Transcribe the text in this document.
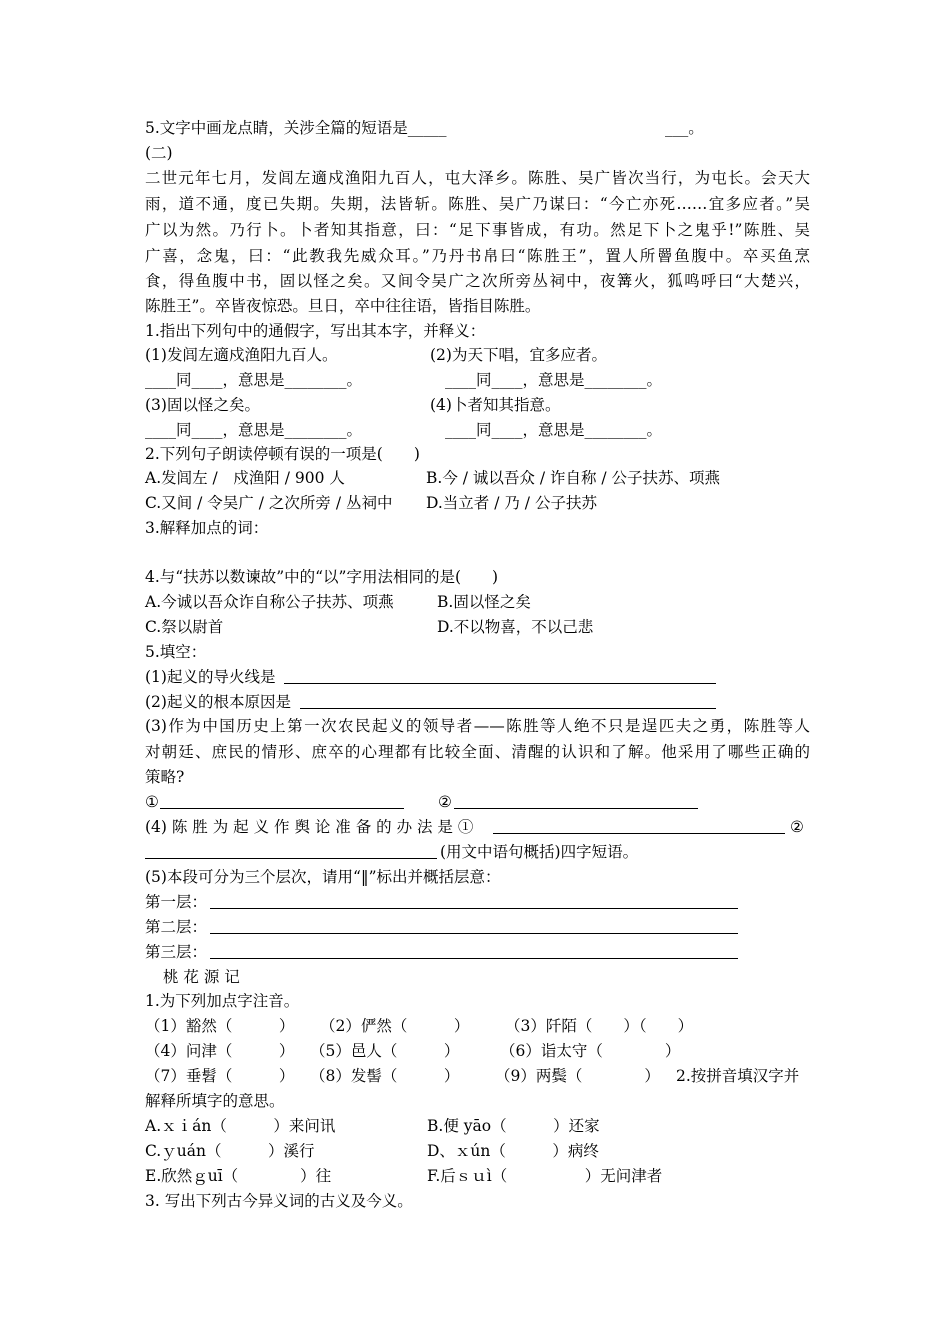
5.文字中画龙点睛，关涉全篇的短语是_____	___。
(二)
二世元年七月，发闾左適戍渔阳九百人，屯大泽乡。陈胜、吴广皆次当行，为屯长。会天大
雨，道不通，度已失期。失期，法皆斩。陈胜、吴广乃谋曰：“今亡亦死……宜多应者。”吴
广以为然。乃行卜。卜者知其指意，曰：“足下事皆成，有功。然足下卜之鬼乎!”陈胜、吴
广喜，念鬼，曰：“此教我先威众耳。”乃丹书帛曰“陈胜王”，置人所罾鱼腹中。卒买鱼烹
食，得鱼腹中书，固以怪之矣。又间令吴广之次所旁丛祠中，夜篝火，狐鸣呼曰“大楚兴，
陈胜王”。卒皆夜惊恐。旦日，卒中往往语，皆指目陈胜。
1.指出下列句中的通假字，写出其本字，并释义：
(1)发闾左適戍渔阳九百人。	(2)为天下唱，宜多应者。
____同____，意思是________。	____同____，意思是________。
(3)固以怪之矣。	(4)卜者知其指意。
____同____，意思是________。	____同____，意思是________。
2.下列句子朗读停顿有误的一项是(　　)
A.发闾左 /　戍渔阳 / 900 人	B.今 / 诚以吾众 / 诈自称 / 公子扶苏、项燕
C.又间 / 令吴广 / 之次所旁 / 丛祠中	D.当立者 / 乃 / 公子扶苏
3.解释加点的词：
4.与“扶苏以数谏故”中的“以”字用法相同的是(　　)
A.今诚以吾众诈自称公子扶苏、项燕	B.固以怪之矣
C.祭以尉首	D.不以物喜，不以己悲
5.填空：
(1)起义的导火线是
(2)起义的根本原因是
(3)作为中国历史上第一次农民起义的领导者——陈胜等人绝不只是逞匹夫之勇，陈胜等人
对朝廷、庶民的情形、庶卒的心理都有比较全面、清醒的认识和了解。他采用了哪些正确的
策略?
①	②
(4) 陈 胜 为 起 义 作 舆 论 准 备 的 办 法 是 ①	②
(用文中语句概括)四字短语。
(5)本段可分为三个层次，请用“‖”标出并概括层意：
第一层：
第二层：
第三层：
桃 花 源 记
1.为下列加点字注音。
（1）豁然（　　　） （2）俨然（　　　） （3）阡陌（　　）（　　）
（4）问津（　　　） （5）邑人（　　　）	（6）诣太守（　　　　）
（7）垂髫（　　　） （8）发髻（　　　） （9）两鬓（　　　　） 2.按拼音填汉字并
解释所填字的意思。
A.ｘｉán（　　　）来问讯	B.便 yāo（　　　）还家
C.ｙuán（　　　）溪行	D、ｘún（　　　）病终
E.欣然ｇuī（　　　　）往	F.后ｓｕì（　　　　　）无问津者
3. 写出下列古今异义词的古义及今义。
